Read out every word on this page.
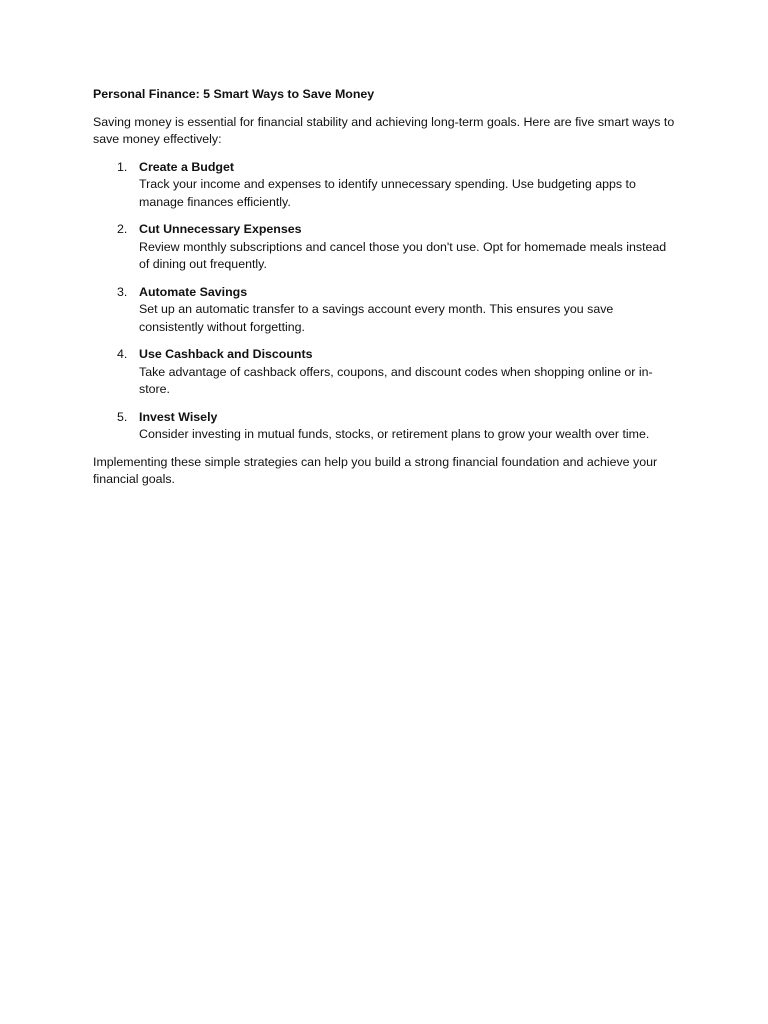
Personal Finance: 5 Smart Ways to Save Money

Saving money is essential for financial stability and achieving long-term goals. Here are five smart ways to save money effectively:

1. Create a Budget
Track your income and expenses to identify unnecessary spending. Use budgeting apps to manage finances efficiently.
2. Cut Unnecessary Expenses
Review monthly subscriptions and cancel those you don't use. Opt for homemade meals instead of dining out frequently.
3. Automate Savings
Set up an automatic transfer to a savings account every month. This ensures you save consistently without forgetting.
4. Use Cashback and Discounts
Take advantage of cashback offers, coupons, and discount codes when shopping online or in-store.
5. Invest Wisely
Consider investing in mutual funds, stocks, or retirement plans to grow your wealth over time.

Implementing these simple strategies can help you build a strong financial foundation and achieve your financial goals.
